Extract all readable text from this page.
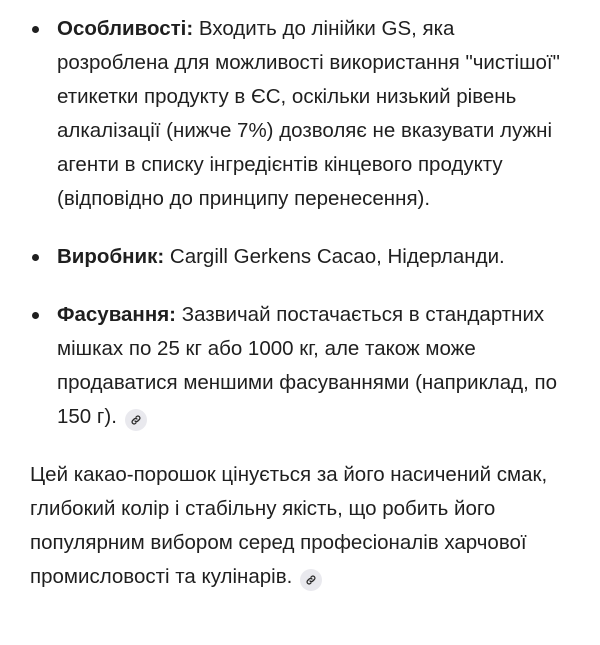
Особливості: Входить до лінійки GS, яка розроблена для можливості використання "чистішої" етикетки продукту в ЄС, оскільки низький рівень алкалізації (нижче 7%) дозволяє не вказувати лужні агенти в списку інгредієнтів кінцевого продукту (відповідно до принципу перенесення).
Виробник: Cargill Gerkens Cacao, Нідерланди.
Фасування: Зазвичай постачається в стандартних мішках по 25 кг або 1000 кг, але також може продаватися меншими фасуваннями (наприклад, по 150 г).

Цей какао-порошок цінується за його насичений смак, глибокий колір і стабільну якість, що робить його популярним вибором серед професіоналів харчової промисловості та кулінарів.
